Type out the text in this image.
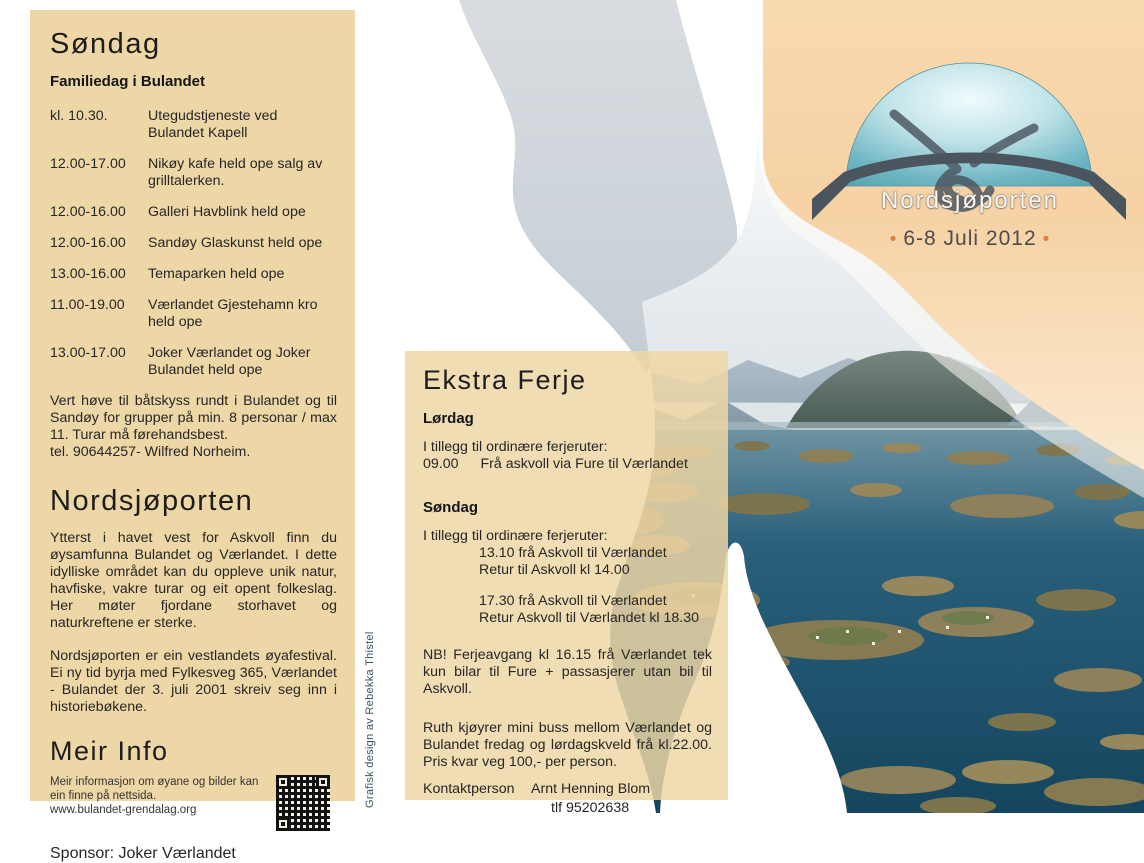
Søndag
Familiedag i Bulandet
kl. 10.30.	Utegudstjeneste ved Bulandet Kapell
12.00-17.00	Nikøy kafe held ope salg av grilltalerken.
12.00-16.00	Galleri Havblink held ope
12.00-16.00	Sandøy Glaskunst held ope
13.00-16.00	Temaparken held ope
11.00-19.00	Værlandet Gjestehamn kro held ope
13.00-17.00	Joker Værlandet og Joker Bulandet held ope

Vert høve til båtskyss rundt i Bulandet og til Sandøy for grupper på min. 8 personar / max 11. Turar må førehandsbest.

tel. 90644257- Wilfred Norheim.

Nordsjøporten

Ytterst i havet vest for Askvoll finn du øysamfunna Bulandet og Værlandet. I dette idylliske området kan du oppleve unik natur, havfiske, vakre turar og eit opent folkeslag. Her møter fjordane storhavet og naturkreftene er sterke.

Nordsjøporten er ein vestlandets øyafestival. Ei ny tid byrja med Fylkesveg 365, Værlandet - Bulandet der 3. juli 2001 skreiv seg inn i historiebøkene.

Meir Info
Meir informasjon om øyane og bilder kan ein finne på nettsida.
www.bulandet-grendalag.org
Sponsor: Joker Værlandet
Grafisk design av Rebekka Thistel
Ekstra Ferje
Lørdag
I tillegg til ordinære ferjeruter:
09.00 Frå askvoll via Fure til Værlandet
Søndag
I tillegg til ordinære ferjeruter:
13.10 frå Askvoll til Værlandet
Retur til Askvoll kl 14.00
17.30 frå Askvoll til Værlandet
Retur Askvoll til Værlandet kl 18.30

NB! Ferjeavgang kl 16.15 frå Værlandet tek kun bilar til Fure + passasjerer utan bil til Askvoll.

Ruth kjøyrer mini buss mellom Værlandet og Bulandet fredag og lørdagskveld frå kl.22.00. Pris kvar veg 100,- per person.

Kontaktperson	Arnt Henning Blom
tlf 95202638
Nordsjøporten
• 6-8 Juli 2012 •
